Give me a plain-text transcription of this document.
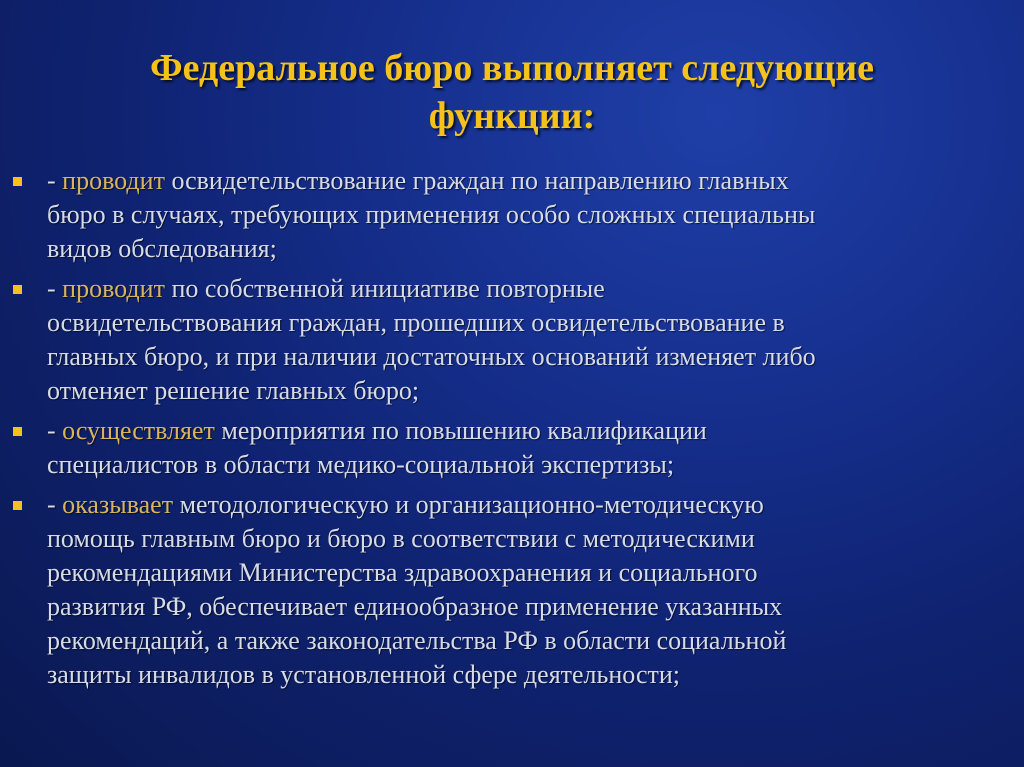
Федеральное бюро выполняет следующие
функции:
- проводит освидетельствование граждан по направлению главных
бюро в случаях, требующих применения особо сложных специальны
видов обследования;
- проводит по собственной инициативе повторные
освидетельствования граждан, прошедших освидетельствование в
главных бюро, и при наличии достаточных оснований изменяет либо
отменяет решение главных бюро;
- осуществляет мероприятия по повышению квалификации
специалистов в области медико-социальной экспертизы;
- оказывает методологическую и организационно-методическую
помощь главным бюро и бюро в соответствии с методическими
рекомендациями Министерства здравоохранения и социального
развития РФ, обеспечивает единообразное применение указанных
рекомендаций, а также законодательства РФ в области социальной
защиты инвалидов в установленной сфере деятельности;
